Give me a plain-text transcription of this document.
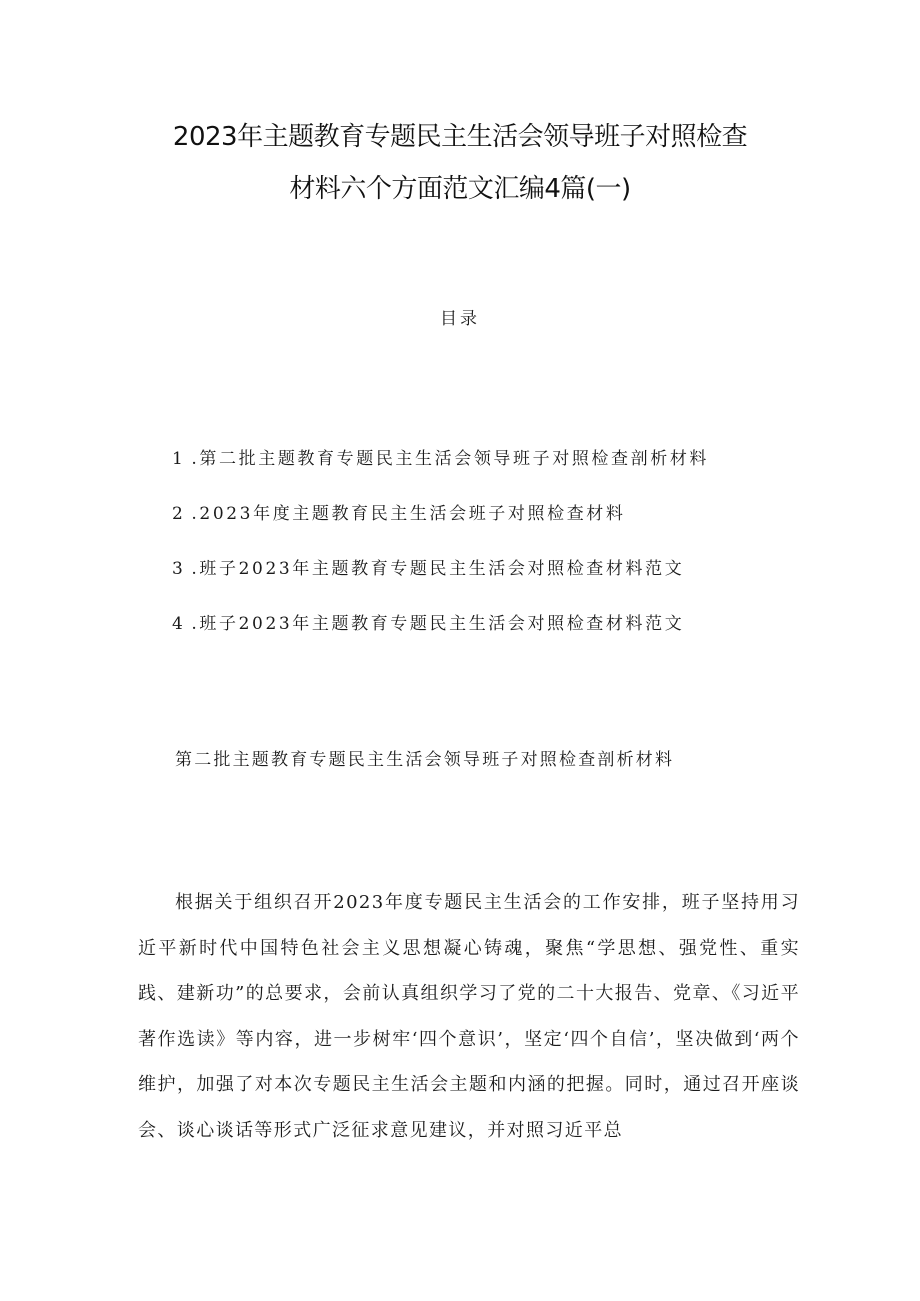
2023年主题教育专题民主生活会领导班子对照检查
材料六个方面范文汇编4篇(一)
目录
1 .第二批主题教育专题民主生活会领导班子对照检查剖析材料
2 .2023年度主题教育民主生活会班子对照检查材料
3 .班子2023年主题教育专题民主生活会对照检查材料范文
4 .班子2023年主题教育专题民主生活会对照检查材料范文
第二批主题教育专题民主生活会领导班子对照检查剖析材料

根据关于组织召开2023年度专题民主生活会的工作安排，班子坚持用习近平新时代中国特色社会主义思想凝心铸魂，聚焦“学思想、强党性、重实践、建新功”的总要求，会前认真组织学习了党的二十大报告、党章、《习近平著作选读》等内容，进一步树牢‘四个意识’，坚定‘四个自信’，坚决做到‘两个维护，加强了对本次专题民主生活会主题和内涵的把握。同时，通过召开座谈会、谈心谈话等形式广泛征求意见建议，并对照习近平总
